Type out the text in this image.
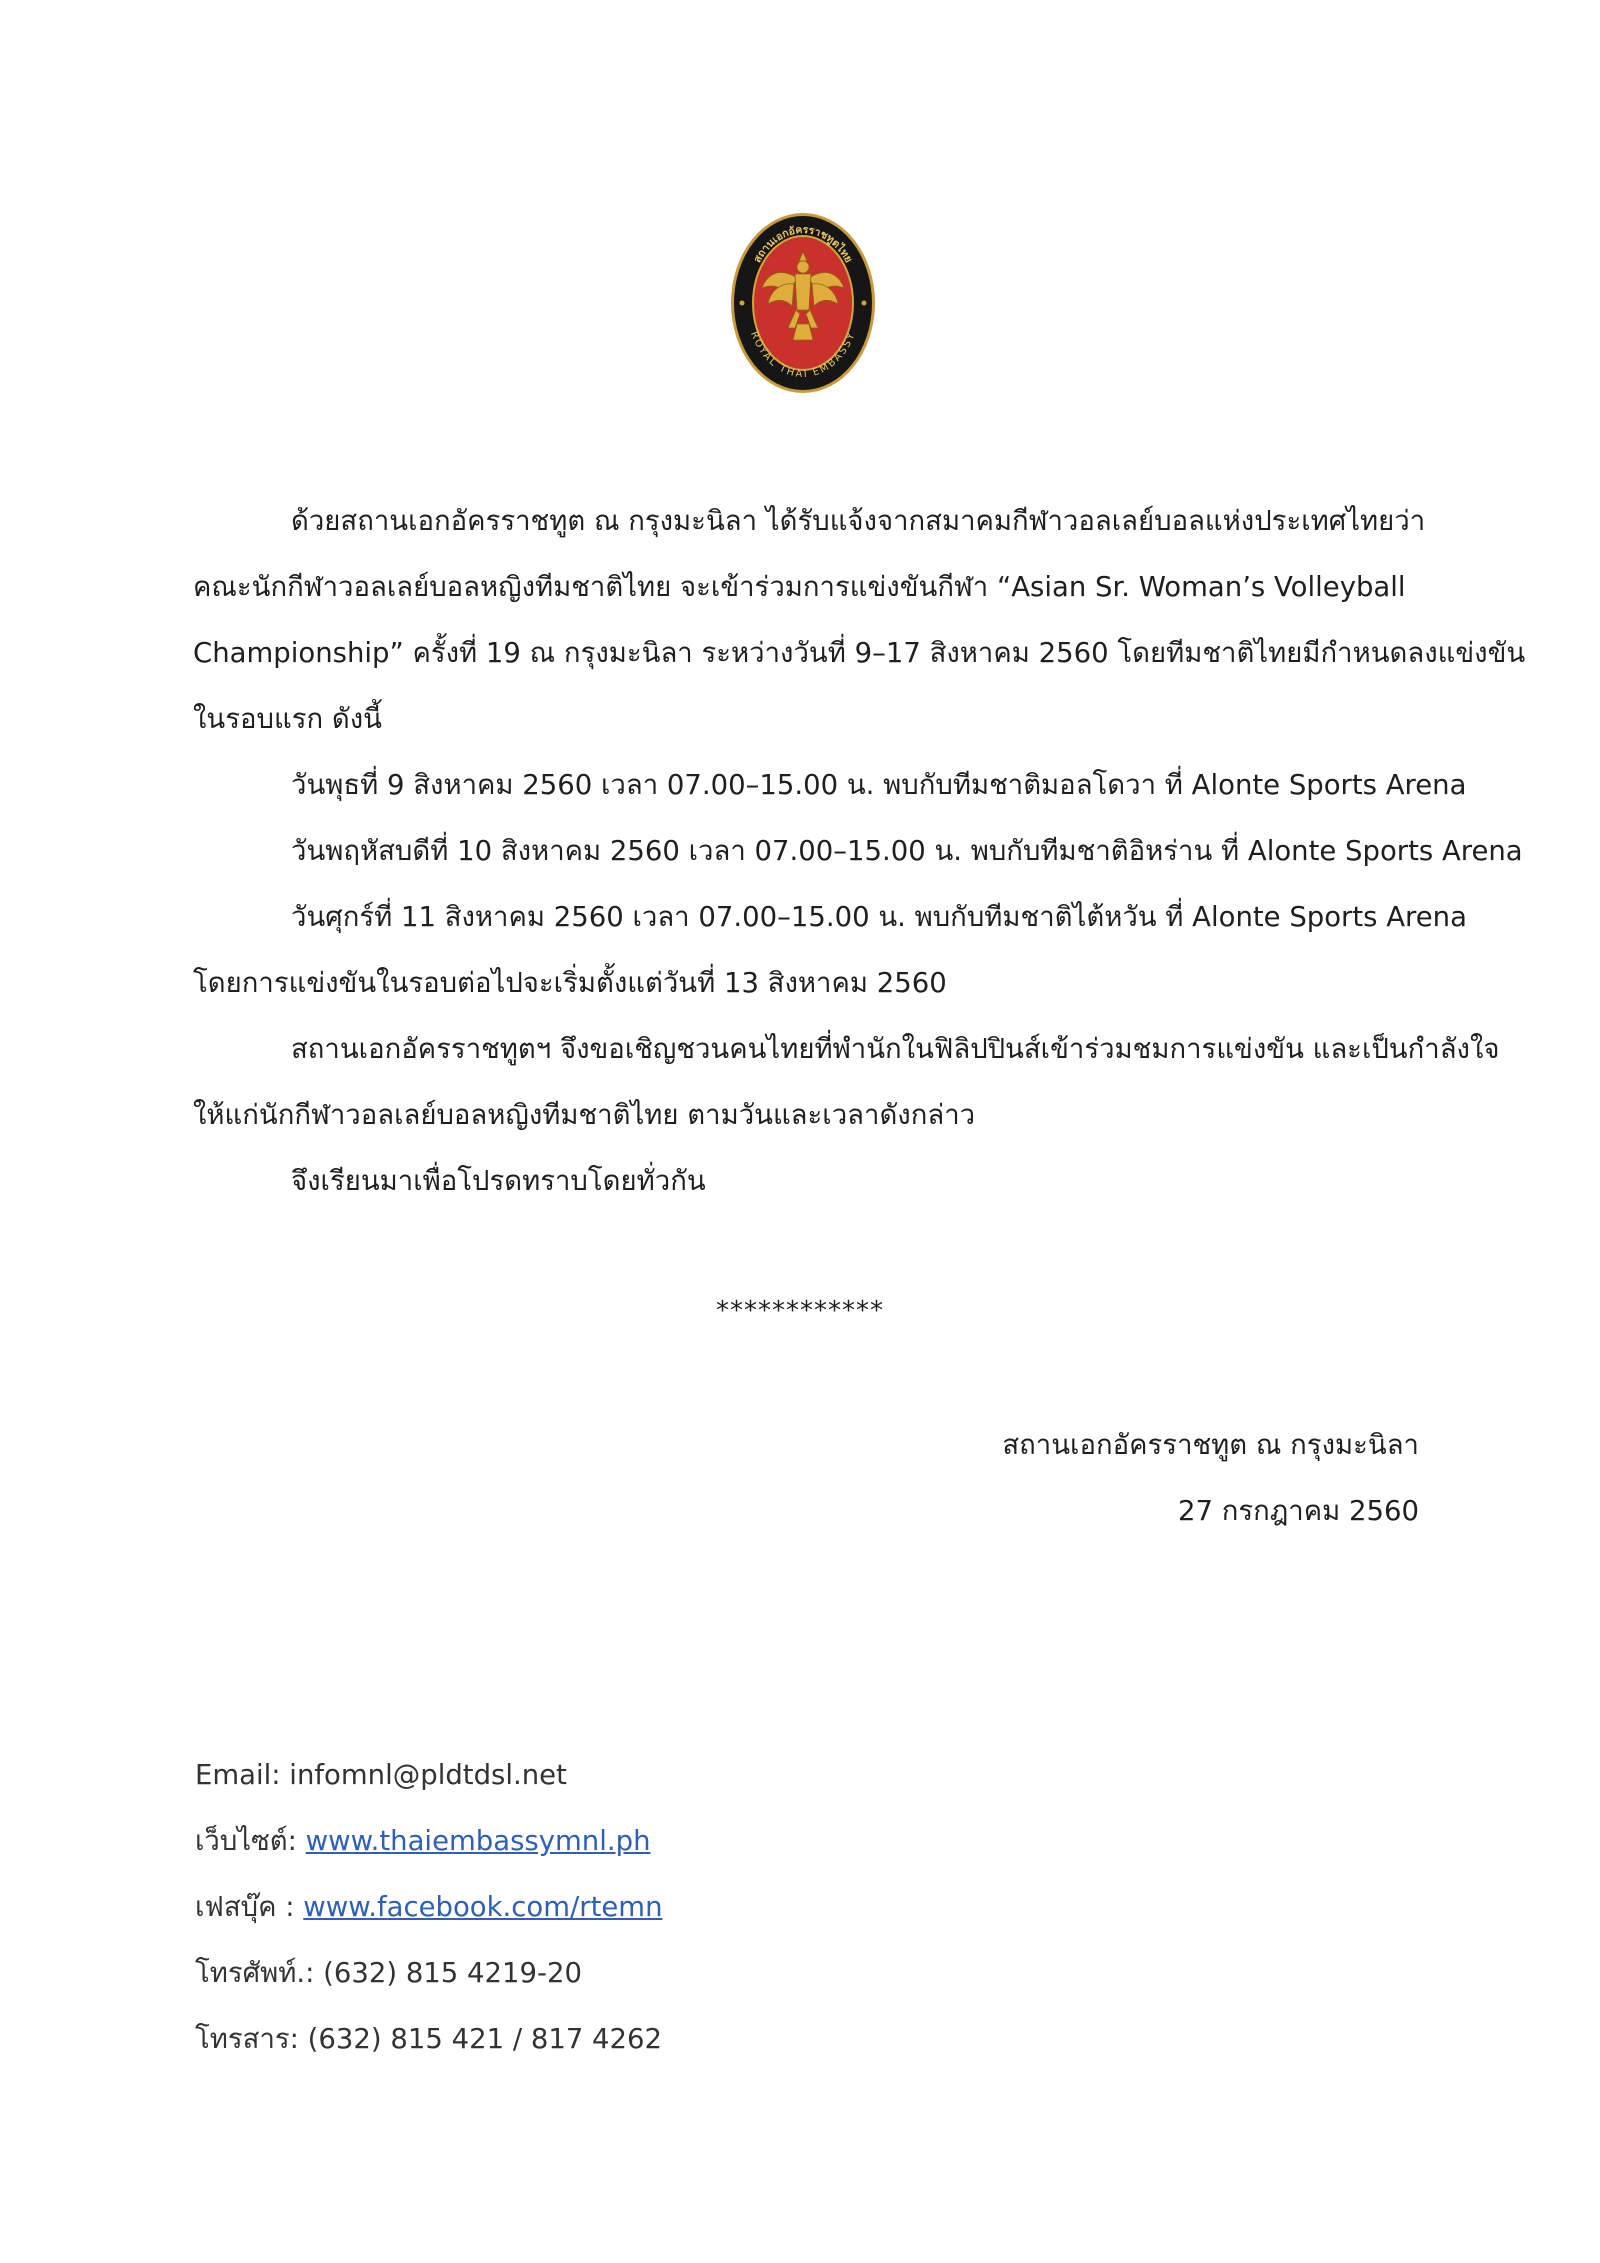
สถานเอกอัครราชทูตไทย
ROYAL THAI EMBASSY

ด้วยสถานเอกอัครราชทูต ณ กรุงมะนิลา ได้รับแจ้งจากสมาคมกีฬาวอลเลย์บอลแห่งประเทศไทยว่า

คณะนักกีฬาวอลเลย์บอลหญิงทีมชาติไทย จะเข้าร่วมการแข่งขันกีฬา “Asian Sr. Woman’s Volleyball

Championship” ครั้งที่ 19 ณ กรุงมะนิลา ระหว่างวันที่ 9–17 สิงหาคม 2560 โดยทีมชาติไทยมีกำหนดลงแข่งขัน

ในรอบแรก ดังนี้

วันพุธที่ 9 สิงหาคม 2560 เวลา 07.00–15.00 น. พบกับทีมชาติมอลโดวา ที่ Alonte Sports Arena

วันพฤหัสบดีที่ 10 สิงหาคม 2560 เวลา 07.00–15.00 น. พบกับทีมชาติอิหร่าน ที่ Alonte Sports Arena

วันศุกร์ที่ 11 สิงหาคม 2560 เวลา 07.00–15.00 น. พบกับทีมชาติไต้หวัน ที่ Alonte Sports Arena

โดยการแข่งขันในรอบต่อไปจะเริ่มตั้งแต่วันที่ 13 สิงหาคม 2560

สถานเอกอัครราชทูตฯ จึงขอเชิญชวนคนไทยที่พำนักในฟิลิปปินส์เข้าร่วมชมการแข่งขัน และเป็นกำลังใจ

ให้แก่นักกีฬาวอลเลย์บอลหญิงทีมชาติไทย ตามวันและเวลาดังกล่าว

จึงเรียนมาเพื่อโปรดทราบโดยทั่วกัน

************

สถานเอกอัครราชทูต ณ กรุงมะนิลา

27 กรกฎาคม 2560

Email: infomnl@pldtdsl.net

เว็บไซต์: www.thaiembassymnl.ph

เฟสบุ๊ค : www.facebook.com/rtemn

โทรศัพท์.: (632) 815 4219-20

โทรสาร: (632) 815 421 / 817 4262
